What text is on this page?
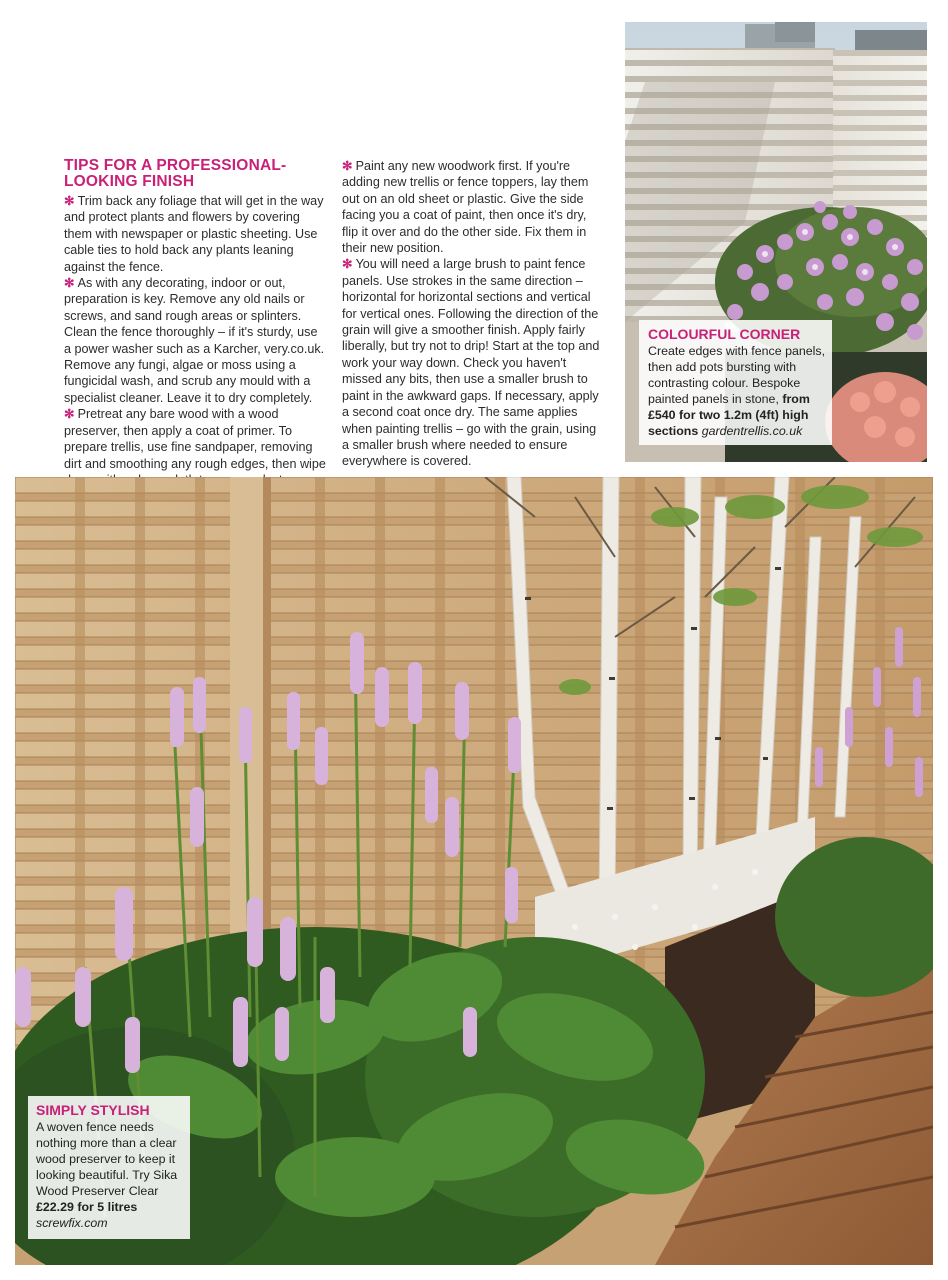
TIPS FOR A PROFESSIONAL-
LOOKING FINISH

✻ Trim back any foliage that will get in the way and protect plants and flowers by covering them with newspaper or plastic sheeting. Use cable ties to hold back any plants leaning against the fence.

✻ As with any decorating, indoor or out, preparation is key. Remove any old nails or screws, and sand rough areas or splinters. Clean the fence thoroughly – if it's sturdy, use a power washer such as a Karcher, very.co.uk. Remove any fungi, algae or moss using a fungicidal wash, and scrub any mould with a specialist cleaner. Leave it to dry completely.

✻ Pretreat any bare wood with a wood preserver, then apply a coat of primer. To prepare trellis, use fine sandpaper, removing dirt and smoothing any rough edges, then wipe

✻ Paint any new woodwork first. If you're adding new trellis or fence toppers, lay them out on an old sheet or plastic. Give the side facing you a coat of paint, then once it's dry, flip it over and do the other side. Fix them in their new position.

✻ You will need a large brush to paint fence panels. Use strokes in the same direction – horizontal for horizontal sections and vertical for vertical ones. Following the direction of the grain will give a smoother finish. Apply fairly liberally, but try not to drip! Start at the top and work your way down. Check you haven't missed any bits, then use a smaller brush to paint in the awkward gaps. If necessary, apply a second coat once dry. The same applies when painting trellis – go with the grain, using a smaller brush where needed to ensure everywhere is covered.

COLOURFUL CORNER
Create edges with fence panels, then add pots bursting with contrasting colour. Bespoke painted panels in stone, from £540 for two 1.2m (4ft) high sections gardentrellis.co.uk
SIMPLY STYLISH
A woven fence needs nothing more than a clear wood preserver to keep it looking beautiful. Try Sika Wood Preserver Clear
£22.29 for 5 litres
screwfix.com
